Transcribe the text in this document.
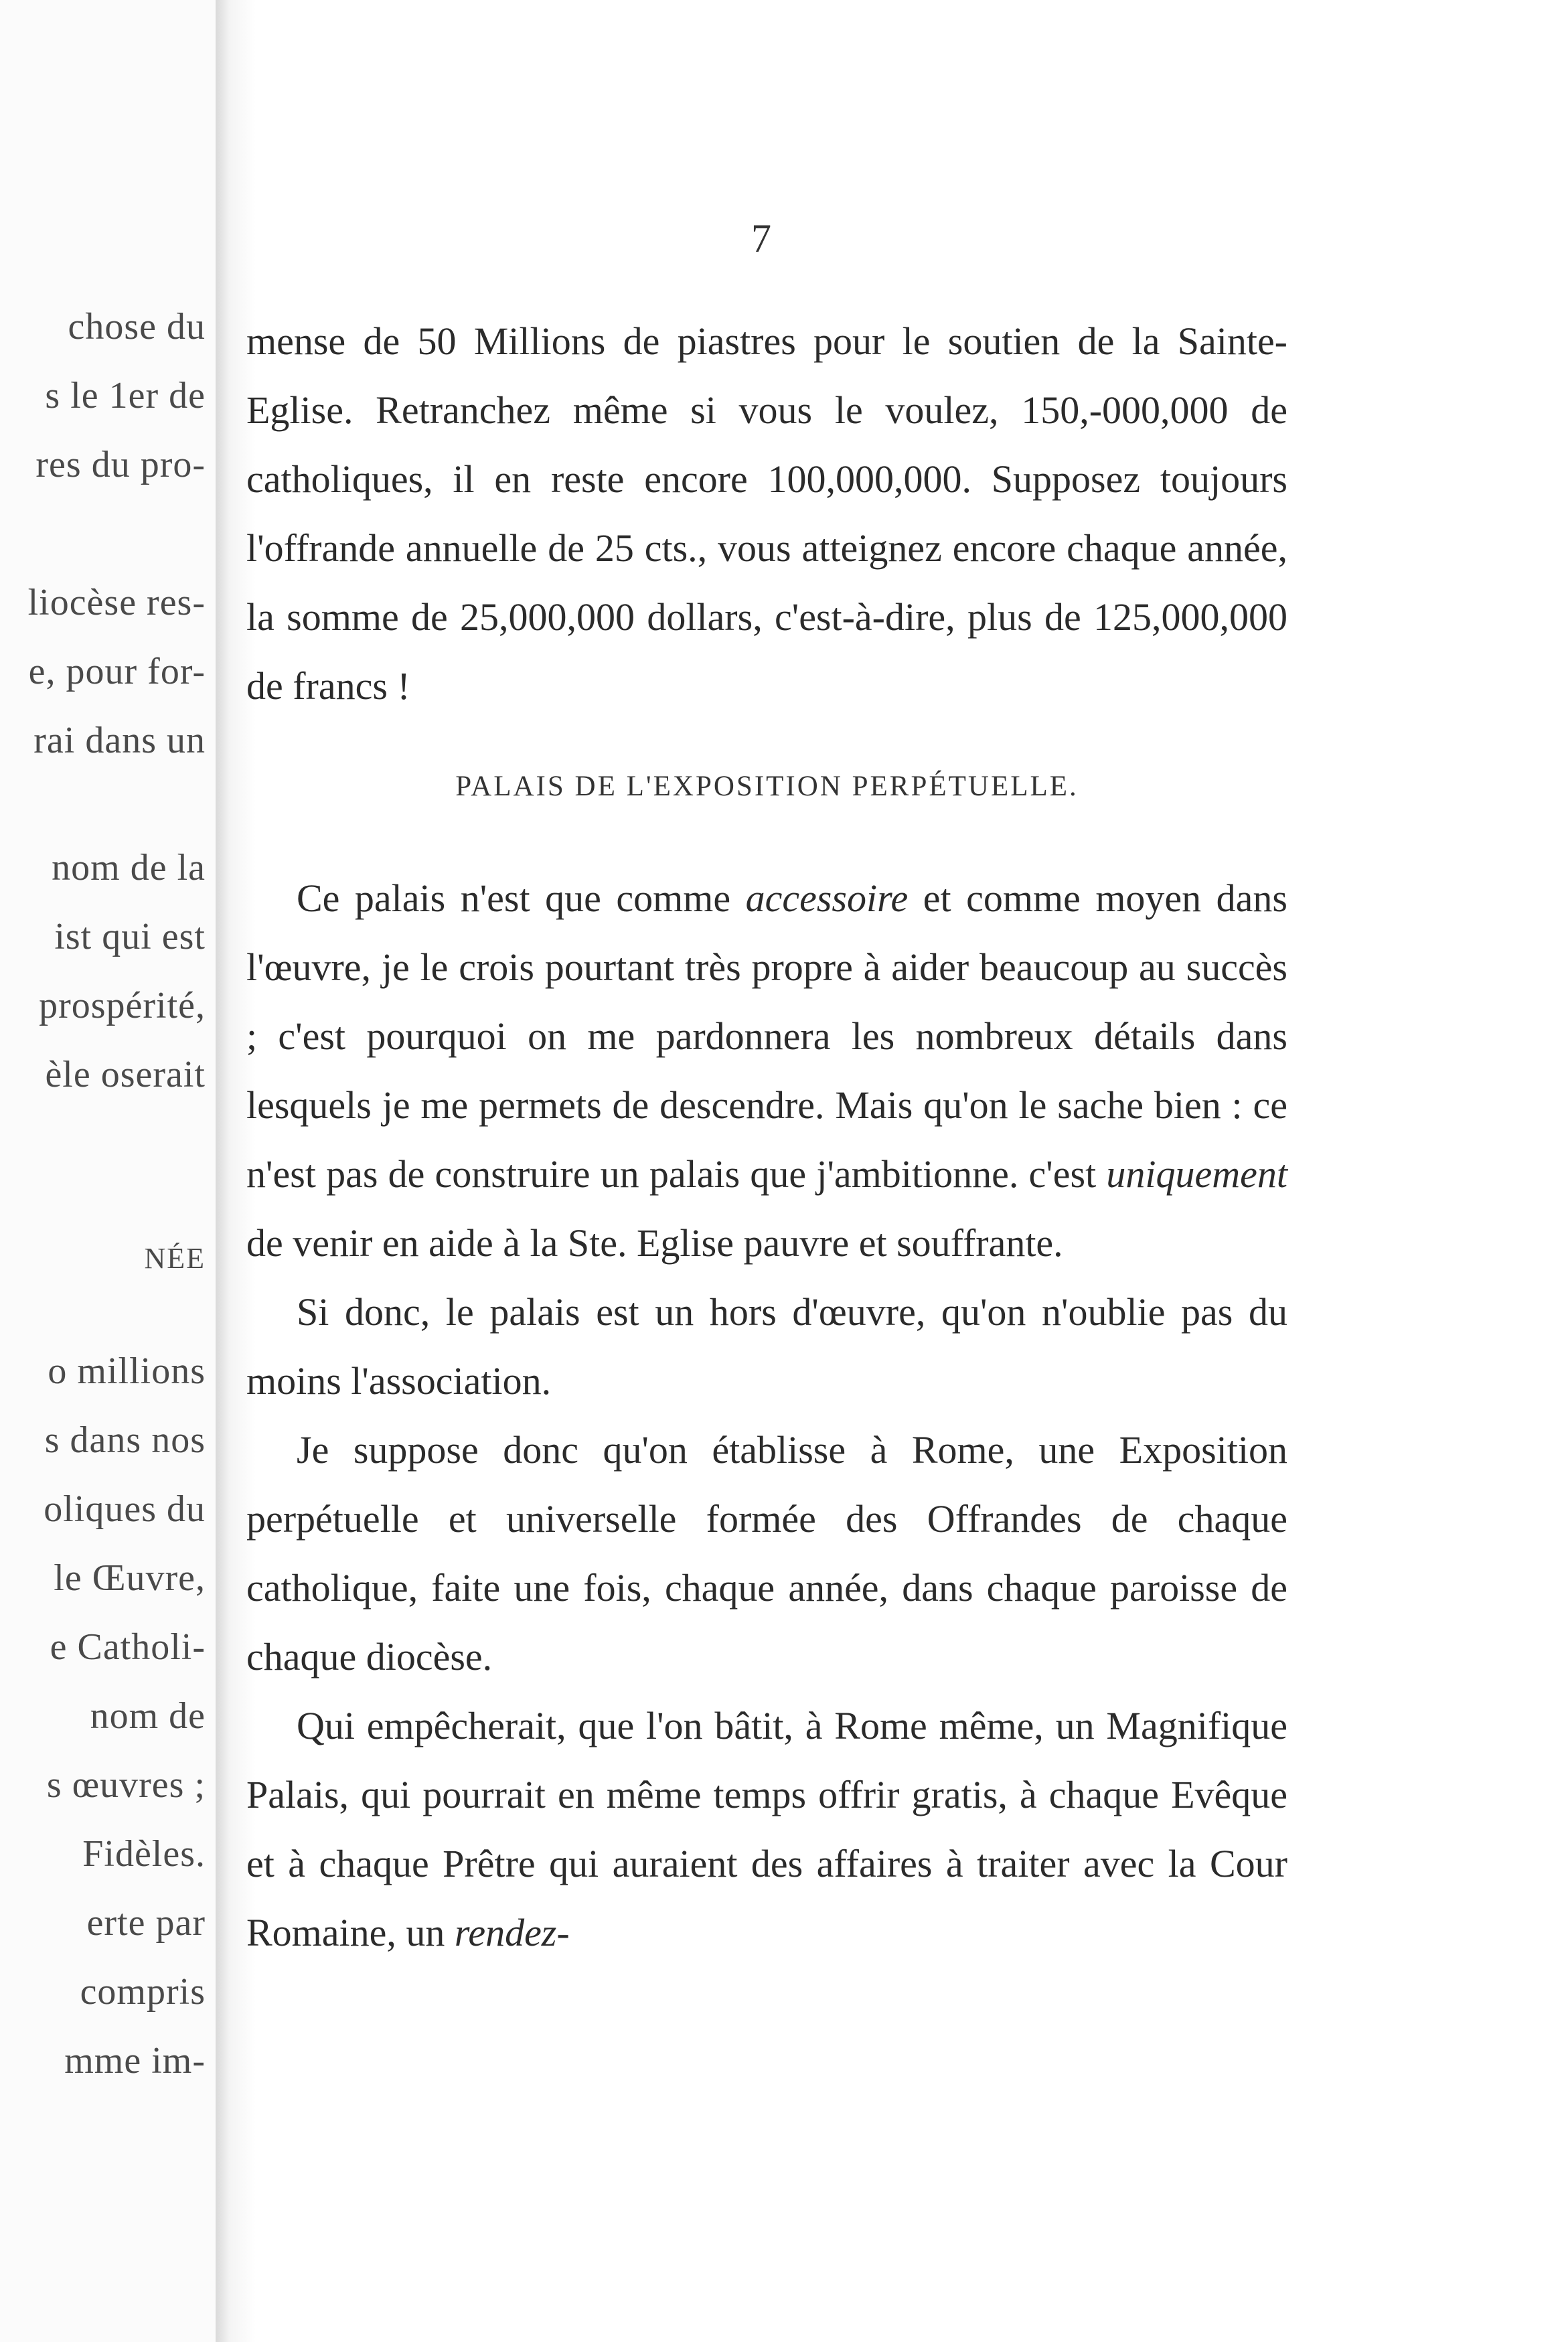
chose du
s le 1er de
res du pro-
liocèse res-
e, pour for-
rai dans un
nom de la
ist qui est
prospérité,
èle oserait
NÉE
o millions
s dans nos
oliques du
le Œuvre,
e Catholi-
nom de
s œuvres ;
Fidèles.
erte par
compris
mme im-
7

mense de 50 Millions de piastres pour le soutien de la Sainte-Eglise. Retranchez même si vous le voulez, 150,-000,000 de catholiques, il en reste encore 100,000,000. Supposez toujours l'offrande annuelle de 25 cts., vous atteignez encore chaque année, la somme de 25,000,000 dollars, c'est-à-dire, plus de 125,000,000 de francs !

PALAIS DE L'EXPOSITION PERPÉTUELLE.

Ce palais n'est que comme accessoire et comme moyen dans l'œuvre, je le crois pourtant très propre à aider beaucoup au succès ; c'est pourquoi on me pardonnera les nombreux détails dans lesquels je me permets de descendre. Mais qu'on le sache bien : ce n'est pas de construire un palais que j'ambitionne. c'est uniquement de venir en aide à la Ste. Eglise pauvre et souffrante.

Si donc, le palais est un hors d'œuvre, qu'on n'oublie pas du moins l'association.

Je suppose donc qu'on établisse à Rome, une Exposition perpétuelle et universelle formée des Offrandes de chaque catholique, faite une fois, chaque année, dans chaque paroisse de chaque diocèse.

Qui empêcherait, que l'on bâtit, à Rome même, un Magnifique Palais, qui pourrait en même temps offrir gratis, à chaque Evêque et à chaque Prêtre qui auraient des affaires à traiter avec la Cour Romaine, un rendez-
